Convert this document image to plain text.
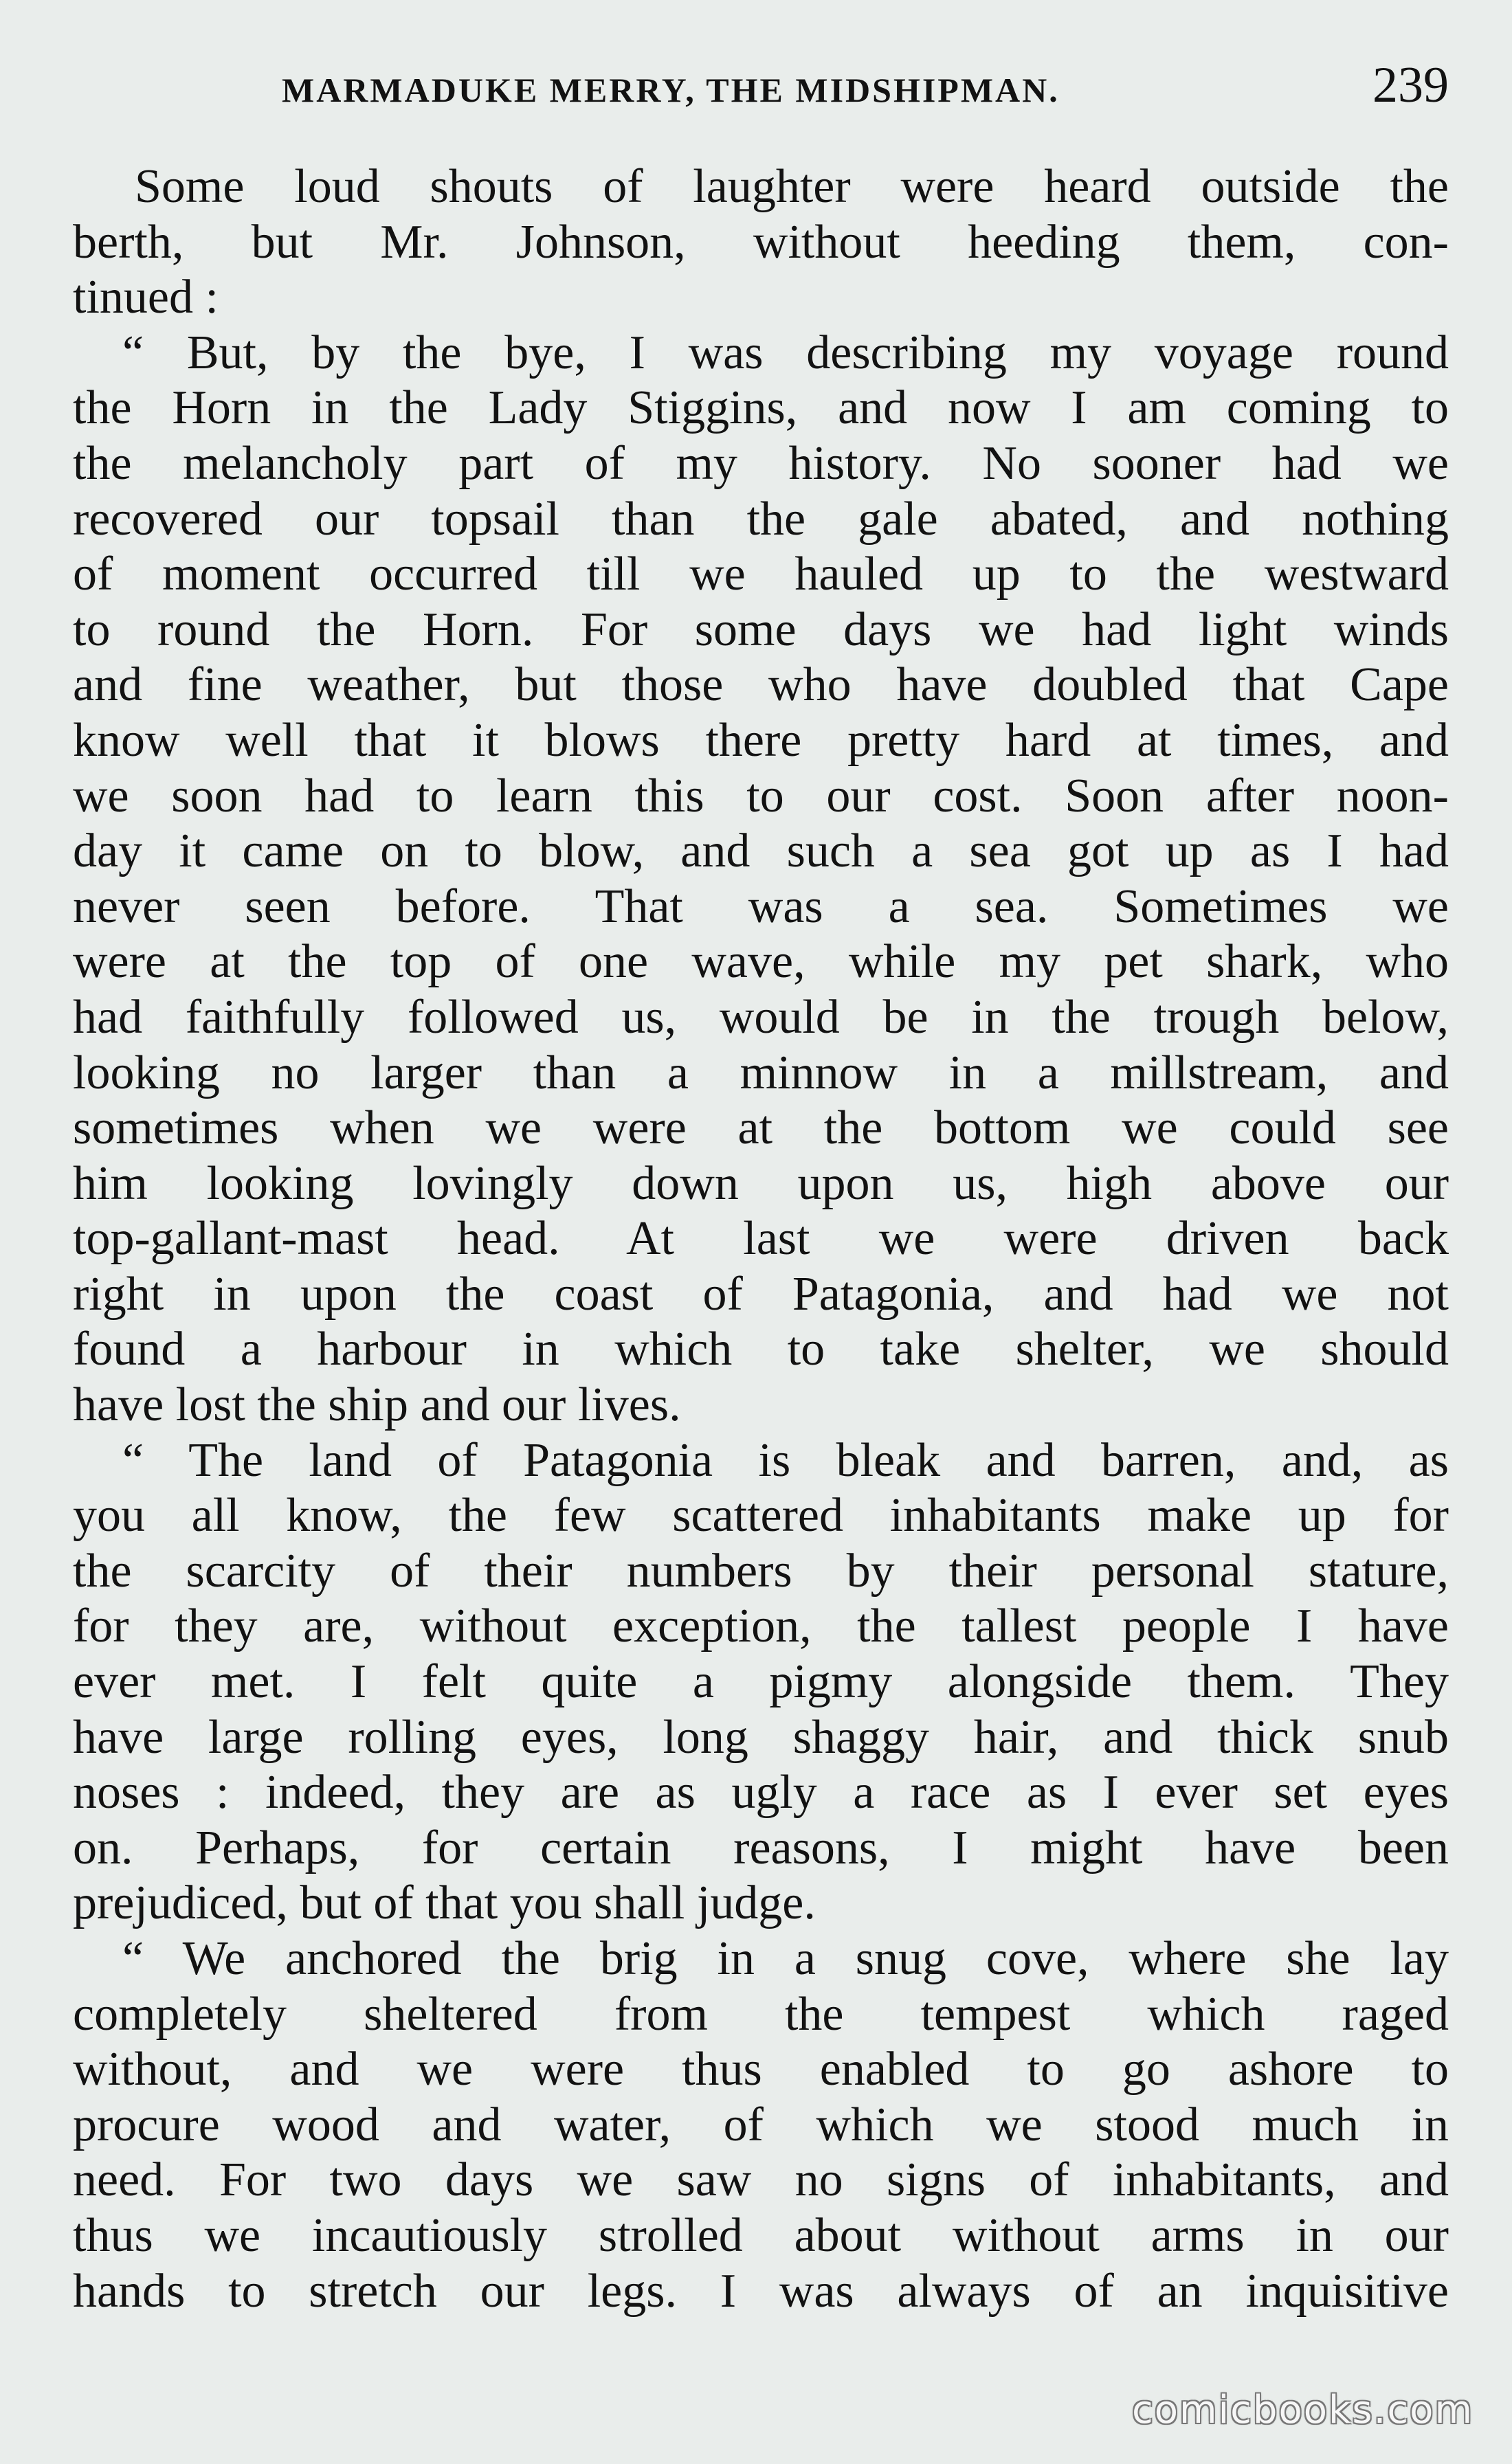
MARMADUKE MERRY, THE MIDSHIPMAN.	239
Some loud shouts of laughter were heard outside the
berth, but Mr. Johnson, without heeding them, con-
tinued :
“ But, by the bye, I was describing my voyage round
the Horn in the Lady Stiggins, and now I am coming to
the melancholy part of my history. No sooner had we
recovered our topsail than the gale abated, and nothing
of moment occurred till we hauled up to the westward
to round the Horn. For some days we had light winds
and fine weather, but those who have doubled that Cape
know well that it blows there pretty hard at times, and
we soon had to learn this to our cost. Soon after noon-
day it came on to blow, and such a sea got up as I had
never seen before. That was a sea. Sometimes we
were at the top of one wave, while my pet shark, who
had faithfully followed us, would be in the trough below,
looking no larger than a minnow in a millstream, and
sometimes when we were at the bottom we could see
him looking lovingly down upon us, high above our
top-gallant-mast head. At last we were driven back
right in upon the coast of Patagonia, and had we not
found a harbour in which to take shelter, we should
have lost the ship and our lives.
“ The land of Patagonia is bleak and barren, and, as
you all know, the few scattered inhabitants make up for
the scarcity of their numbers by their personal stature,
for they are, without exception, the tallest people I have
ever met. I felt quite a pigmy alongside them. They
have large rolling eyes, long shaggy hair, and thick snub
noses : indeed, they are as ugly a race as I ever set eyes
on. Perhaps, for certain reasons, I might have been
prejudiced, but of that you shall judge.
“ We anchored the brig in a snug cove, where she lay
completely sheltered from the tempest which raged
without, and we were thus enabled to go ashore to
procure wood and water, of which we stood much in
need. For two days we saw no signs of inhabitants, and
thus we incautiously strolled about without arms in our
hands to stretch our legs. I was always of an inquisitive
comicbooks.com
